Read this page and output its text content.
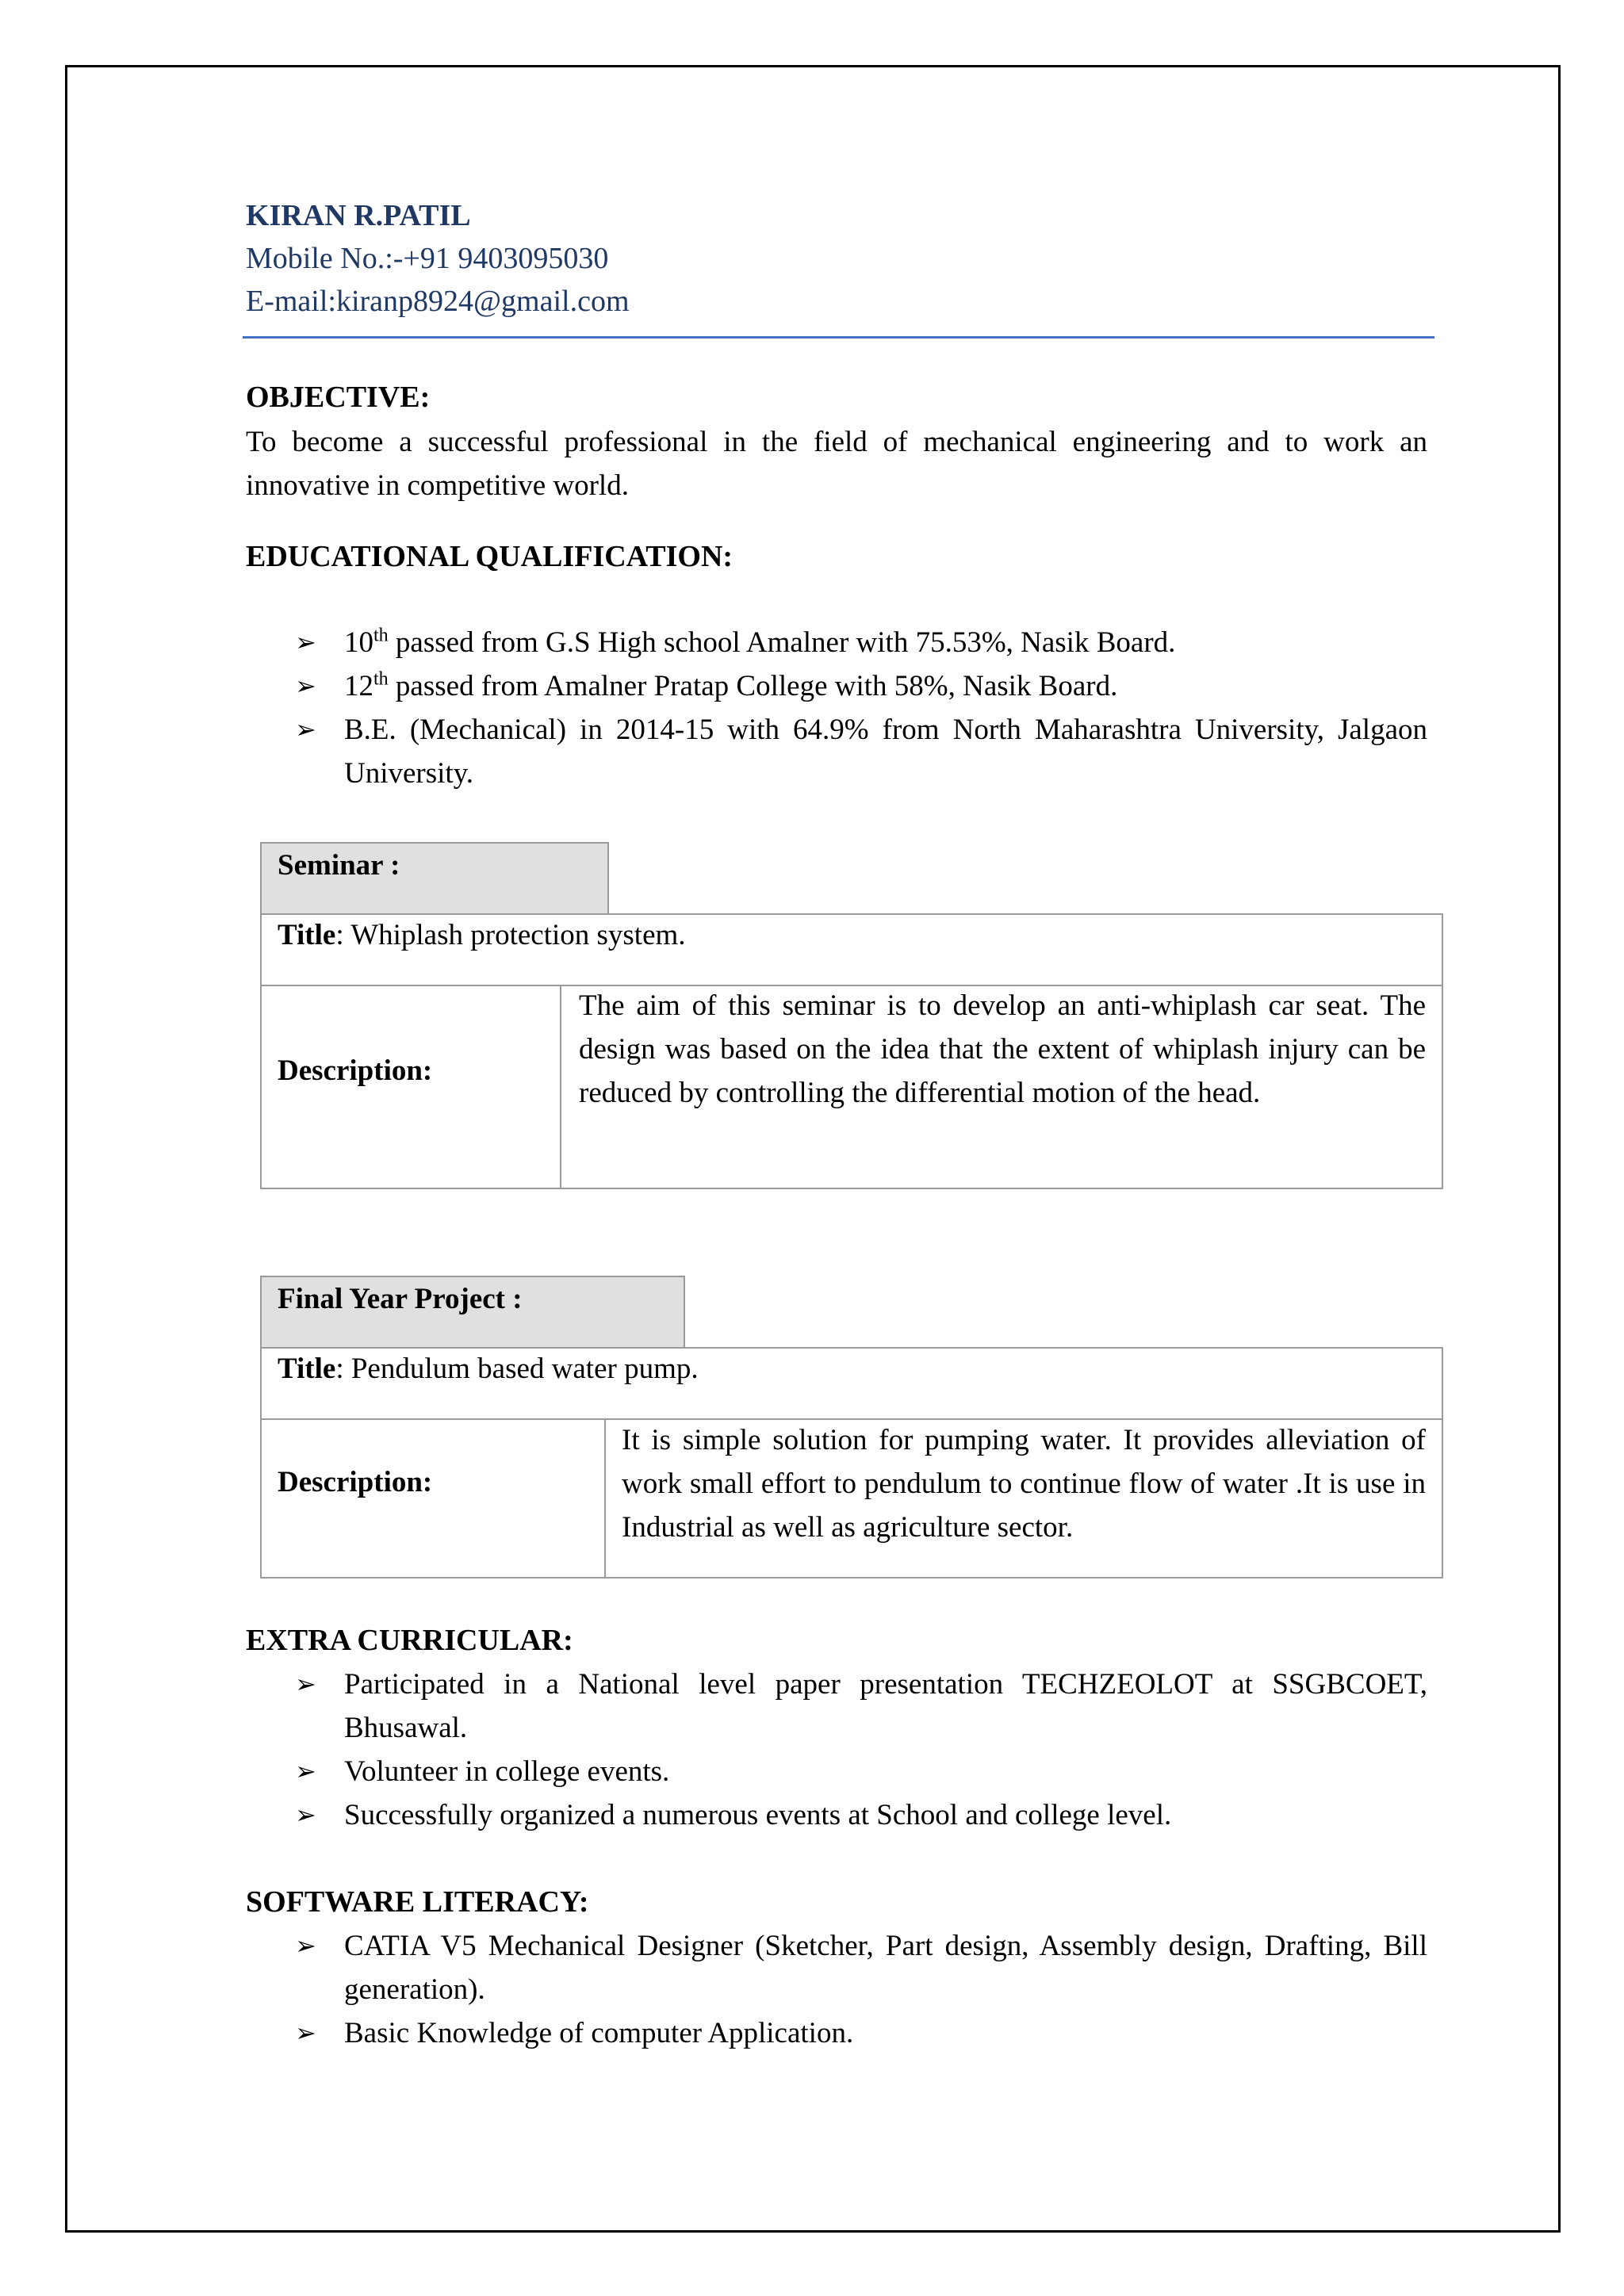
KIRAN R.PATIL

Mobile No.:-+91 9403095030

E-mail:kiranp8924@gmail.com

OBJECTIVE:

To become a successful professional in the field of mechanical engineering and to work an
innovative in competitive world.

EDUCATIONAL QUALIFICATION:

➢ 10th passed from G.S High school Amalner with 75.53%, Nasik Board.
➢ 12th passed from Amalner Pratap College with 58%, Nasik Board.
➢ B.E. (Mechanical) in 2014-15 with 64.9% from North Maharashtra University, Jalgaon University.
Seminar :
Title: Whiplash protection system.
Description:
The aim of this seminar is to develop an anti-whiplash car seat. The design was based on the idea that the extent of whiplash injury can be reduced by controlling the differential motion of the head.
Final Year Project :
Title: Pendulum based water pump.
Description:
It is simple solution for pumping water. It provides alleviation of work small effort to pendulum to continue flow of water .It is use in Industrial as well as agriculture sector.

EXTRA CURRICULAR:

➢ Participated in a National level paper presentation TECHZEOLOT at SSGBCOET, Bhusawal.
➢ Volunteer in college events.
➢ Successfully organized a numerous events at School and college level.

SOFTWARE LITERACY:

➢ CATIA V5 Mechanical Designer (Sketcher, Part design, Assembly design, Drafting, Bill generation).
➢ Basic Knowledge of computer Application.
